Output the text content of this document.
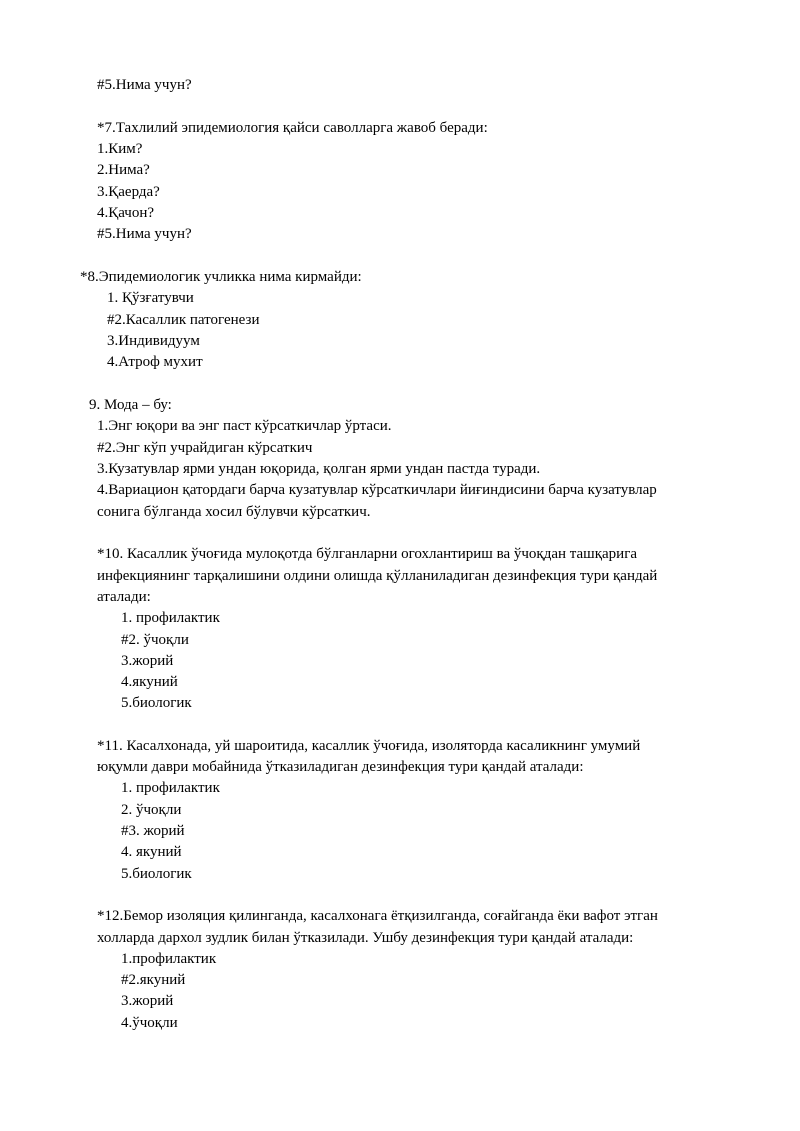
#5.Нима учун?
*7.Тахлилий эпидемиология қайси саволларга жавоб беради:
1.Ким?
2.Нима?
3.Қаерда?
4.Қачон?
#5.Нима учун?
*8.Эпидемиологик учликка нима кирмайди:
1. Қўзғатувчи
#2.Касаллик патогенези
3.Индивидуум
4.Атроф мухит
9. Мода – бу:
1.Энг юқори ва энг паст кўрсаткичлар ўртаси.
#2.Энг кўп учрайдиган кўрсаткич
3.Кузатувлар ярми ундан юқорида, қолган ярми ундан пастда туради.
4.Вариацион қатордаги барча кузатувлар кўрсаткичлари йиғиндисини барча кузатувлар
сонига бўлганда хосил бўлувчи кўрсаткич.
*10. Касаллик ўчоғида мулоқотда бўлганларни огохлантириш ва ўчоқдан ташқарига
инфекциянинг тарқалишини олдини олишда қўлланиладиган дезинфекция тури қандай
аталади:
1. профилактик
#2. ўчоқли
3.жорий
4.якуний
5.биологик
*11. Касалхонада, уй шароитида, касаллик ўчоғида, изоляторда касаликнинг умумий
юқумли даври мобайнида ўтказиладиган дезинфекция тури қандай аталади:
1. профилактик
2. ўчоқли
#3. жорий
4. якуний
5.биологик
*12.Бемор изоляция қилинганда, касалхонага ётқизилганда, соғайганда ёки вафот этган
холларда дархол зудлик билан ўтказилади. Ушбу дезинфекция тури қандай аталади:
1.профилактик
#2.якуний
3.жорий
4.ўчоқли
